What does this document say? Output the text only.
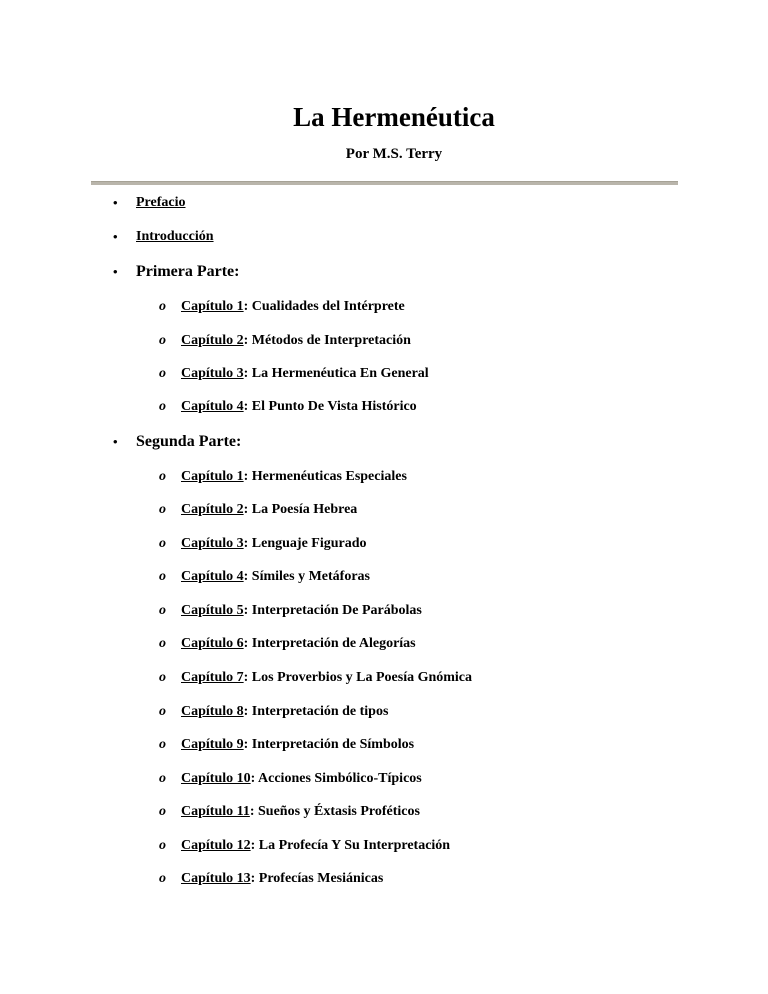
La Hermenéutica
Por M.S. Terry
• Prefacio
• Introducción
• Primera Parte:
o Capítulo 1: Cualidades del Intérprete
o Capítulo 2: Métodos de Interpretación
o Capítulo 3: La Hermenéutica En General
o Capítulo 4: El Punto De Vista Histórico
• Segunda Parte:
o Capítulo 1: Hermenéuticas Especiales
o Capítulo 2: La Poesía Hebrea
o Capítulo 3: Lenguaje Figurado
o Capítulo 4: Símiles y Metáforas
o Capítulo 5: Interpretación De Parábolas
o Capítulo 6: Interpretación de Alegorías
o Capítulo 7: Los Proverbios y La Poesía Gnómica
o Capítulo 8: Interpretación de tipos
o Capítulo 9: Interpretación de Símbolos
o Capítulo 10: Acciones Simbólico-Típicos
o Capítulo 11: Sueños y Éxtasis Proféticos
o Capítulo 12: La Profecía Y Su Interpretación
o Capítulo 13: Profecías Mesiánicas
